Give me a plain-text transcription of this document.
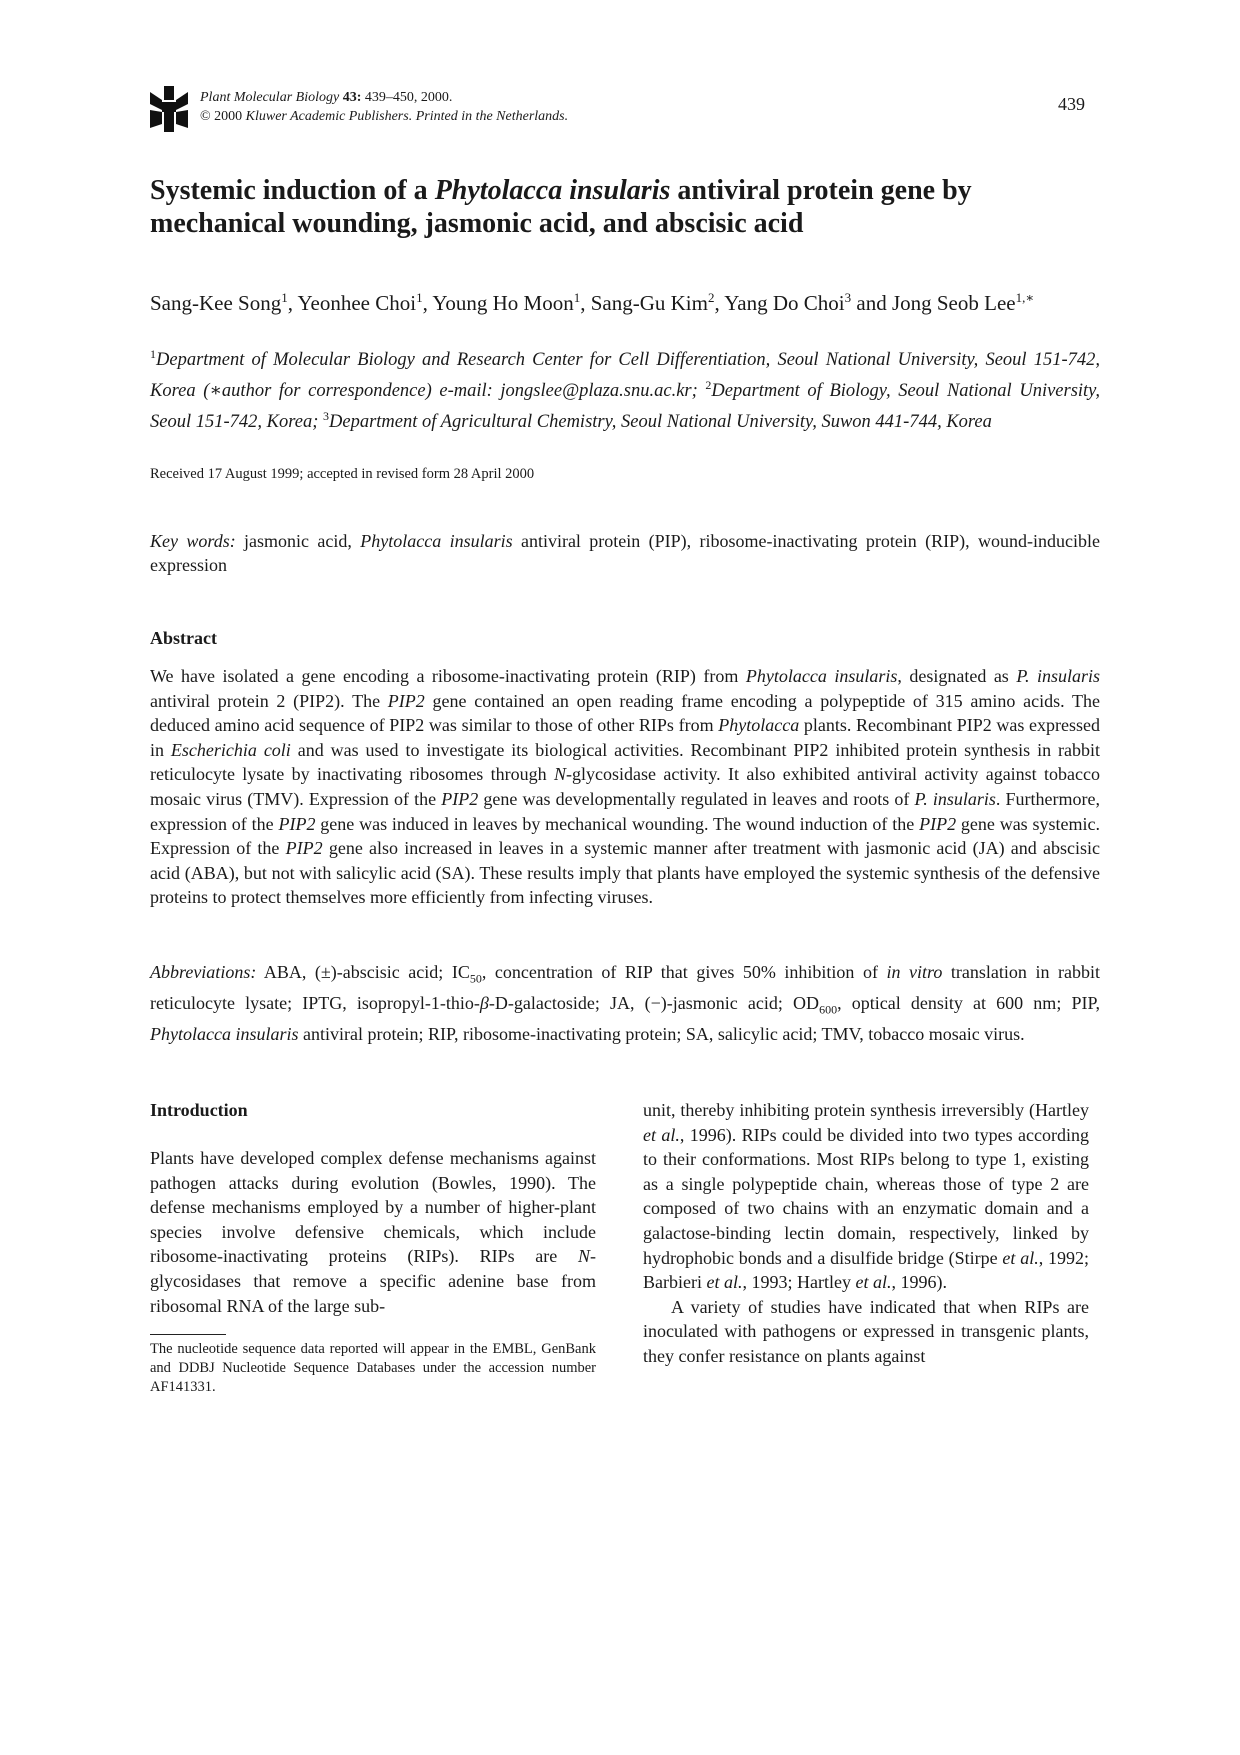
Plant Molecular Biology 43: 439–450, 2000.
© 2000 Kluwer Academic Publishers. Printed in the Netherlands.
439
Systemic induction of a Phytolacca insularis antiviral protein gene by mechanical wounding, jasmonic acid, and abscisic acid
Sang-Kee Song$^1$, Yeonhee Choi$^1$, Young Ho Moon$^1$, Sang-Gu Kim$^2$, Yang Do Choi$^3$ and Jong Seob Lee$^{1,∗}$
$^1$Department of Molecular Biology and Research Center for Cell Differentiation, Seoul National University, Seoul 151-742, Korea (∗author for correspondence) e-mail: jongslee@plaza.snu.ac.kr; $^2$Department of Biology, Seoul National University, Seoul 151-742, Korea; $^3$Department of Agricultural Chemistry, Seoul National University, Suwon 441-744, Korea
Received 17 August 1999; accepted in revised form 28 April 2000
Key words: jasmonic acid, Phytolacca insularis antiviral protein (PIP), ribosome-inactivating protein (RIP), wound-inducible expression
Abstract
We have isolated a gene encoding a ribosome-inactivating protein (RIP) from Phytolacca insularis, designated as P. insularis antiviral protein 2 (PIP2). The PIP2 gene contained an open reading frame encoding a polypeptide of 315 amino acids. The deduced amino acid sequence of PIP2 was similar to those of other RIPs from Phytolacca plants. Recombinant PIP2 was expressed in Escherichia coli and was used to investigate its biological activities. Recombinant PIP2 inhibited protein synthesis in rabbit reticulocyte lysate by inactivating ribosomes through N-glycosidase activity. It also exhibited antiviral activity against tobacco mosaic virus (TMV). Expression of the PIP2 gene was developmentally regulated in leaves and roots of P. insularis. Furthermore, expression of the PIP2 gene was induced in leaves by mechanical wounding. The wound induction of the PIP2 gene was systemic. Expression of the PIP2 gene also increased in leaves in a systemic manner after treatment with jasmonic acid (JA) and abscisic acid (ABA), but not with salicylic acid (SA). These results imply that plants have employed the systemic synthesis of the defensive proteins to protect themselves more efficiently from infecting viruses.
Abbreviations: ABA, (±)-abscisic acid; $IC_{50}$, concentration of RIP that gives 50% inhibition of in vitro translation in rabbit reticulocyte lysate; IPTG, isopropyl-1-thio-β-D-galactoside; JA, (−)-jasmonic acid; $OD_{600}$, optical density at 600 nm; PIP, Phytolacca insularis antiviral protein; RIP, ribosome-inactivating protein; SA, salicylic acid; TMV, tobacco mosaic virus.
Introduction
Plants have developed complex defense mechanisms against pathogen attacks during evolution (Bowles, 1990). The defense mechanisms employed by a number of higher-plant species involve defensive chemicals, which include ribosome-inactivating proteins (RIPs). RIPs are N-glycosidases that remove a specific adenine base from ribosomal RNA of the large sub-

unit, thereby inhibiting protein synthesis irreversibly (Hartley et al., 1996). RIPs could be divided into two types according to their conformations. Most RIPs belong to type 1, existing as a single polypeptide chain, whereas those of type 2 are composed of two chains with an enzymatic domain and a galactose-binding lectin domain, respectively, linked by hydrophobic bonds and a disulfide bridge (Stirpe et al., 1992; Barbieri et al., 1993; Hartley et al., 1996).

A variety of studies have indicated that when RIPs are inoculated with pathogens or expressed in transgenic plants, they confer resistance on plants against

The nucleotide sequence data reported will appear in the EMBL, GenBank and DDBJ Nucleotide Sequence Databases under the accession number AF141331.
